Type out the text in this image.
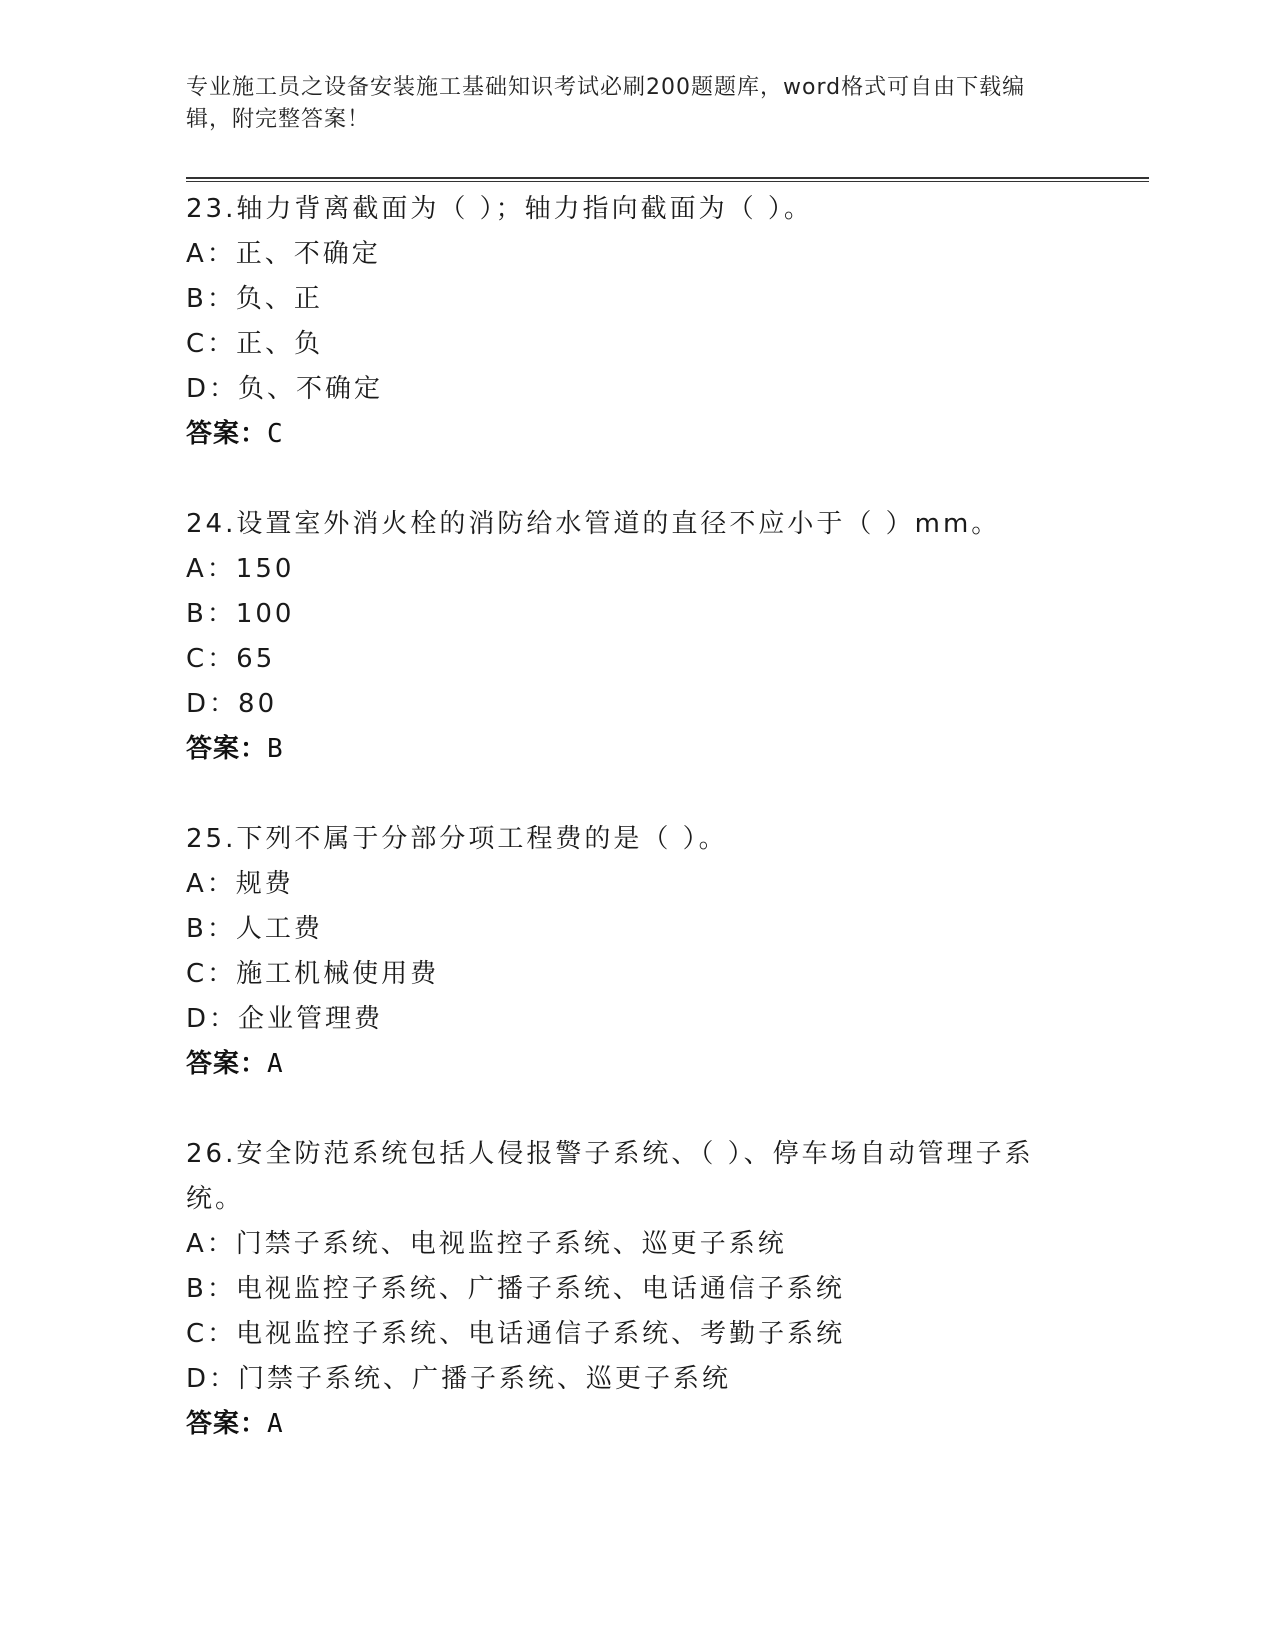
专业施工员之设备安装施工基础知识考试必刷200题题库，word格式可自由下载编辑，附完整答案！
23.轴力背离截面为（ ）；轴力指向截面为（ ）。
A：正、不确定
B：负、正
C：正、负
D：负、不确定
答案：C
24.设置室外消火栓的消防给水管道的直径不应小于（ ）mm。
A：150
B：100
C：65
D：80
答案：B
25.下列不属于分部分项工程费的是（ ）。
A：规费
B：人工费
C：施工机械使用费
D：企业管理费
答案：A
26.安全防范系统包括人侵报警子系统、（ ）、停车场自动管理子系统。
A：门禁子系统、电视监控子系统、巡更子系统
B：电视监控子系统、广播子系统、电话通信子系统
C：电视监控子系统、电话通信子系统、考勤子系统
D：门禁子系统、广播子系统、巡更子系统
答案：A
